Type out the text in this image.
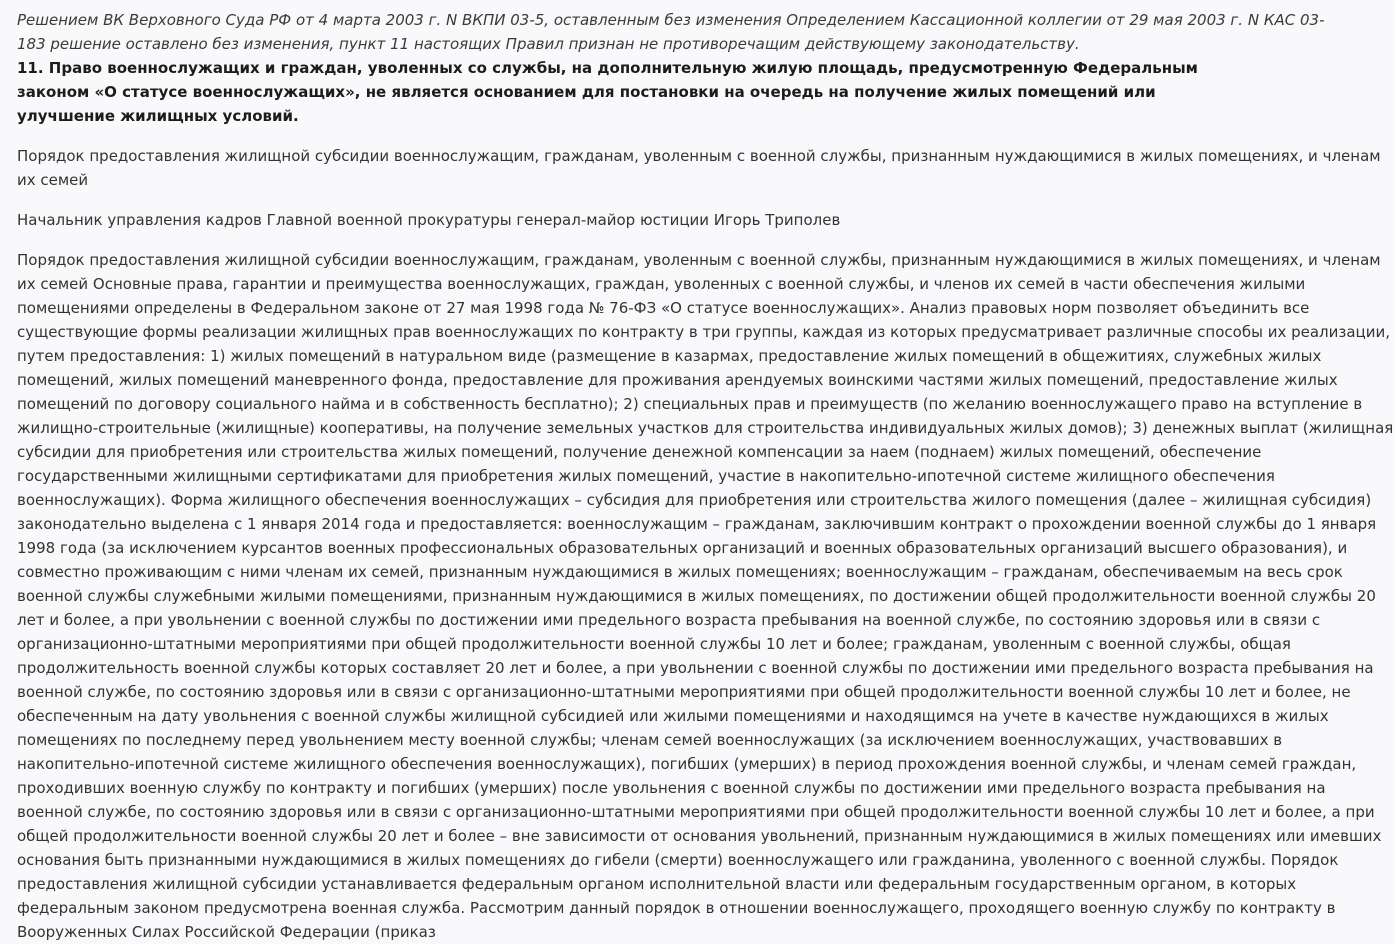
Решением ВК Верховного Суда РФ от 4 марта 2003 г. N ВКПИ 03-5, оставленным без изменения Определением Кассационной коллегии от 29 мая 2003 г. N КАС 03-183 решение оставлено без изменения, пункт 11 настоящих Правил признан не противоречащим действующему законодательству.

11. Право военнослужащих и граждан, уволенных со службы, на дополнительную жилую площадь, предусмотренную Федеральным законом «О статусе военнослужащих», не является основанием для постановки на очередь на получение жилых помещений или улучшение жилищных условий.

Порядок предоставления жилищной субсидии военнослужащим, гражданам, уволенным с военной службы, признанным нуждающимися в жилых помещениях, и членам их семей

Начальник управления кадров Главной военной прокуратуры генерал-майор юстиции Игорь Триполев

Порядок предоставления жилищной субсидии военнослужащим, гражданам, уволенным с военной службы, признанным нуждающимися в жилых помещениях, и членам их семей Основные права, гарантии и преимущества военнослужащих, граждан, уволенных с военной службы, и членов их семей в части обеспечения жилыми помещениями определены в Федеральном законе от 27 мая 1998 года № 76-ФЗ «О статусе военнослужащих». Анализ правовых норм позволяет объединить все существующие формы реализации жилищных прав военнослужащих по контракту в три группы, каждая из которых предусматривает различные способы их реализации, путем предоставления: 1) жилых помещений в натуральном виде (размещение в казармах, предоставление жилых помещений в общежитиях, служебных жилых помещений, жилых помещений маневренного фонда, предоставление для проживания арендуемых воинскими частями жилых помещений, предоставление жилых помещений по договору социального найма и в собственность бесплатно); 2) специальных прав и преимуществ (по желанию военнослужащего право на вступление в жилищно-строительные (жилищные) кооперативы, на получение земельных участков для строительства индивидуальных жилых домов); 3) денежных выплат (жилищная субсидии для приобретения или строительства жилых помещений, получение денежной компенсации за наем (поднаем) жилых помещений, обеспечение государственными жилищными сертификатами для приобретения жилых помещений, участие в накопительно-ипотечной системе жилищного обеспечения военнослужащих). Форма жилищного обеспечения военнослужащих – субсидия для приобретения или строительства жилого помещения (далее – жилищная субсидия) законодательно выделена с 1 января 2014 года и предоставляется: военнослужащим – гражданам, заключившим контракт о прохождении военной службы до 1 января 1998 года (за исключением курсантов военных профессиональных образовательных организаций и военных образовательных организаций высшего образования), и совместно проживающим с ними членам их семей, признанным нуждающимися в жилых помещениях; военнослужащим – гражданам, обеспечиваемым на весь срок военной службы служебными жилыми помещениями, признанным нуждающимися в жилых помещениях, по достижении общей продолжительности военной службы 20 лет и более, а при увольнении с военной службы по достижении ими предельного возраста пребывания на военной службе, по состоянию здоровья или в связи с организационно-штатными мероприятиями при общей продолжительности военной службы 10 лет и более; гражданам, уволенным с военной службы, общая продолжительность военной службы которых составляет 20 лет и более, а при увольнении с военной службы по достижении ими предельного возраста пребывания на военной службе, по состоянию здоровья или в связи с организационно-штатными мероприятиями при общей продолжительности военной службы 10 лет и более, не обеспеченным на дату увольнения с военной службы жилищной субсидией или жилыми помещениями и находящимся на учете в качестве нуждающихся в жилых помещениях по последнему перед увольнением месту военной службы; членам семей военнослужащих (за исключением военнослужащих, участвовавших в накопительно-ипотечной системе жилищного обеспечения военнослужащих), погибших (умерших) в период прохождения военной службы, и членам семей граждан, проходивших военную службу по контракту и погибших (умерших) после увольнения с военной службы по достижении ими предельного возраста пребывания на военной службе, по состоянию здоровья или в связи с организационно-штатными мероприятиями при общей продолжительности военной службы 10 лет и более, а при общей продолжительности военной службы 20 лет и более – вне зависимости от основания увольнений, признанным нуждающимися в жилых помещениях или имевших основания быть признанными нуждающимися в жилых помещениях до гибели (смерти) военнослужащего или гражданина, уволенного с военной службы. Порядок предоставления жилищной субсидии устанавливается федеральным органом исполнительной власти или федеральным государственным органом, в которых федеральным законом предусмотрена военная служба. Рассмотрим данный порядок в отношении военнослужащего, проходящего военную службу по контракту в Вооруженных Силах Российской Федерации (приказ
